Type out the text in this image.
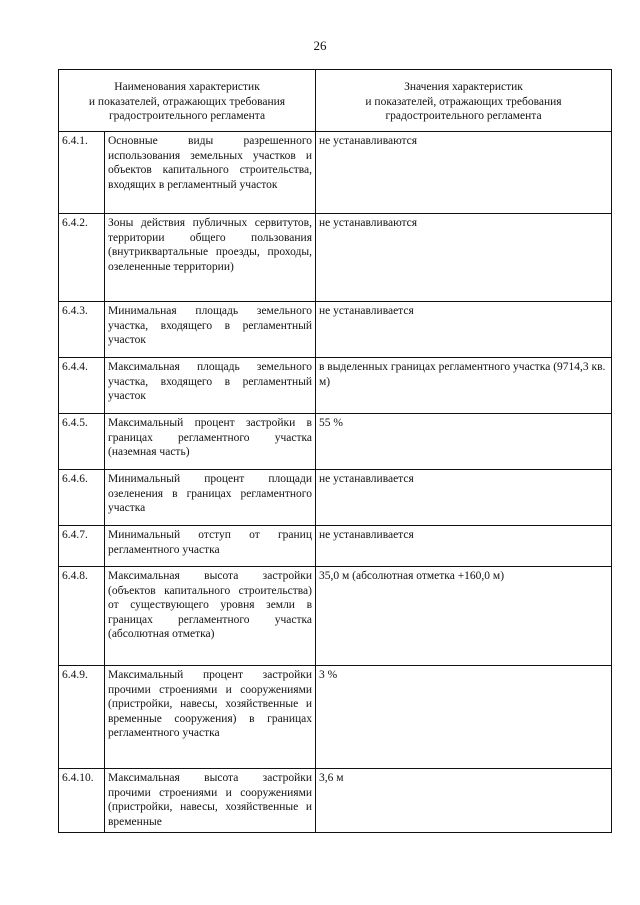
26
Наименования характеристик
и показателей, отражающих требования
градостроительного регламента		Значения характеристик
и показателей, отражающих требования
градостроительного регламента

6.4.1.	Основные виды разрешенного использования земельных участков и объектов капитального строительства, входящих в регламентный участок	не устанавливаются
6.4.2.	Зоны действия публичных сервитутов, территории общего пользования (внутриквартальные проезды, проходы, озелененные территории)	не устанавливаются
6.4.3.	Минимальная площадь земельного участка, входящего в регламентный участок	не устанавливается
6.4.4.	Максимальная площадь земельного участка, входящего в регламентный участок	в выделенных границах регламентного участка (9714,3 кв. м)
6.4.5.	Максимальный процент застройки в границах регламентного участка (наземная часть)	55 %
6.4.6.	Минимальный процент площади озеленения в границах регламентного участка	не устанавливается
6.4.7.	Минимальный отступ от границ регламентного участка	не устанавливается
6.4.8.	Максимальная высота застройки (объектов капитального строительства) от существующего уровня земли в границах регламентного участка (абсолютная отметка)	35,0 м (абсолютная отметка +160,0 м)
6.4.9.	Максимальный процент застройки прочими строениями и сооружениями (пристройки, навесы, хозяйственные и временные сооружения) в границах регламентного участка	3 %
6.4.10.	Максимальная высота застройки прочими строениями и сооружениями (пристройки, навесы, хозяйственные и временные	3,6 м
